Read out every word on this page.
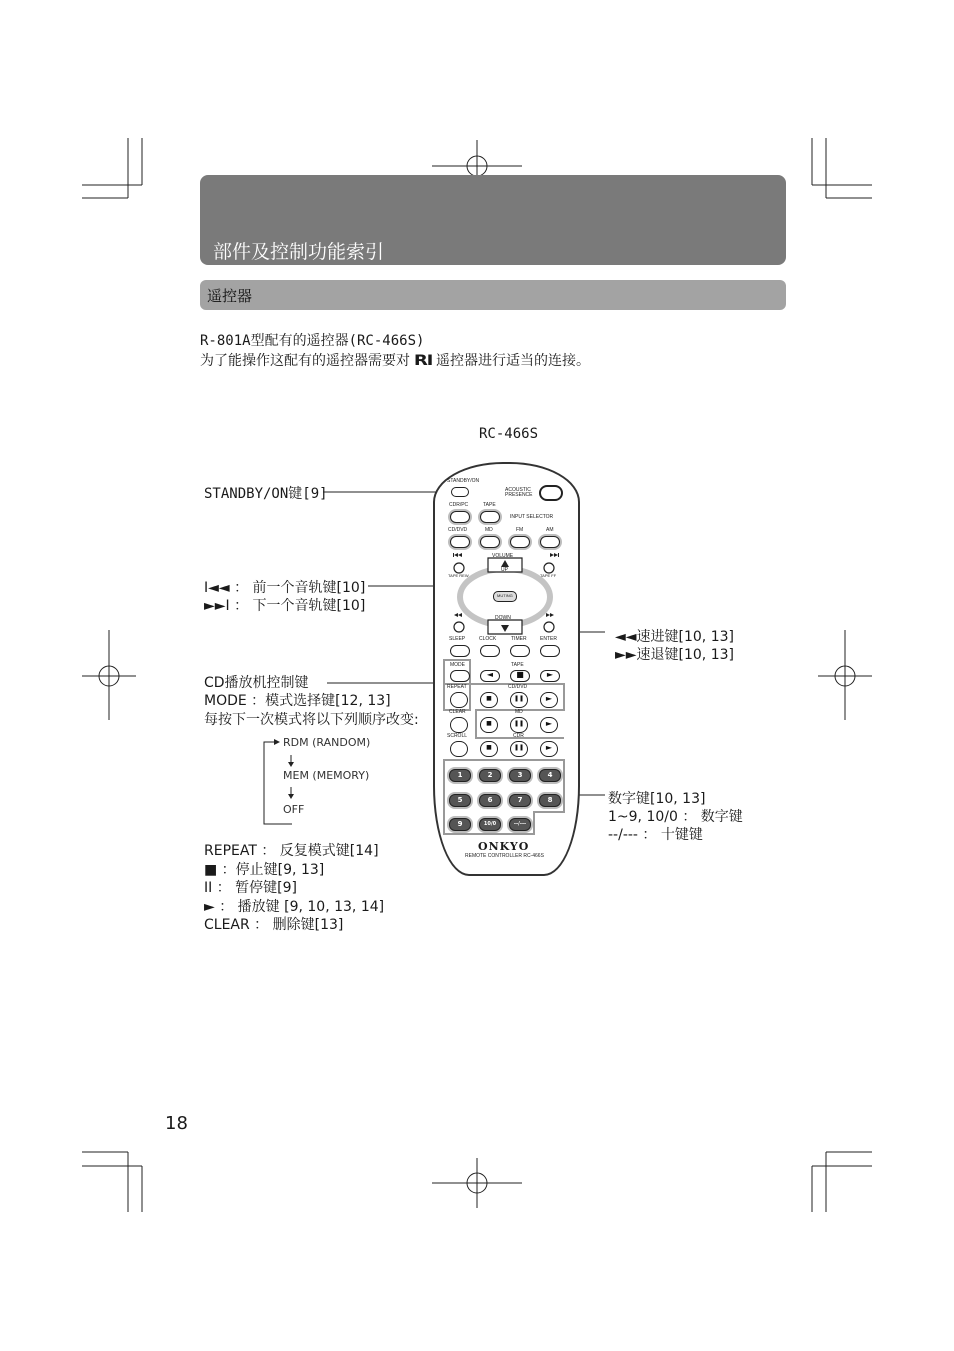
部件及控制功能索引
遥控器
R-801A型配有的遥控器(RC-466S)
为了能操作这配有的遥控器需要对 RI 遥控器进行适当的连接。
RC-466S
STANDBY/ON键[9]
I◄◄ ： 前一个音轨键[10]
►►I ： 下一个音轨键[10]
CD播放机控制键
MODE ：模式选择键[12, 13]
每按下一次模式将以下列顺序改变:
RDM (RANDOM)
MEM (MEMORY)
OFF
REPEAT ： 反复模式键[14]
■ ：停止键[9, 13]
II ： 暂停键[9]
► ： 播放键 [9, 10, 13, 14]
CLEAR ： 删除键[13]
◄◄速进键[10, 13]
►►速退键[10, 13]
数字键[10, 13]
1~9, 10/0 ： 数字键
--/--- ： 十键键
STANDBY/ON
ACOUSTIC
PRESENCE
CDR/PC	TAPE
INPUT SELECTOR
CD/DVD	MD	FM	AM
VOLUME
UP
DOWN
TAPE REW	TAPE FF
MUTING
SLEEP	CLOCK	TIMER	ENTER
MODE	TAPE
◄	■	►
REPEAT	CD/DVD
■	❚❚	►
CLEAR	MD
■	❚❚	►
SCROLL	CDR
■	❚❚	►
1	2	3	4
5	6	7	8
9	10/0	--/---
ONKYO
REMOTE CONTROLLER RC-466S
18
